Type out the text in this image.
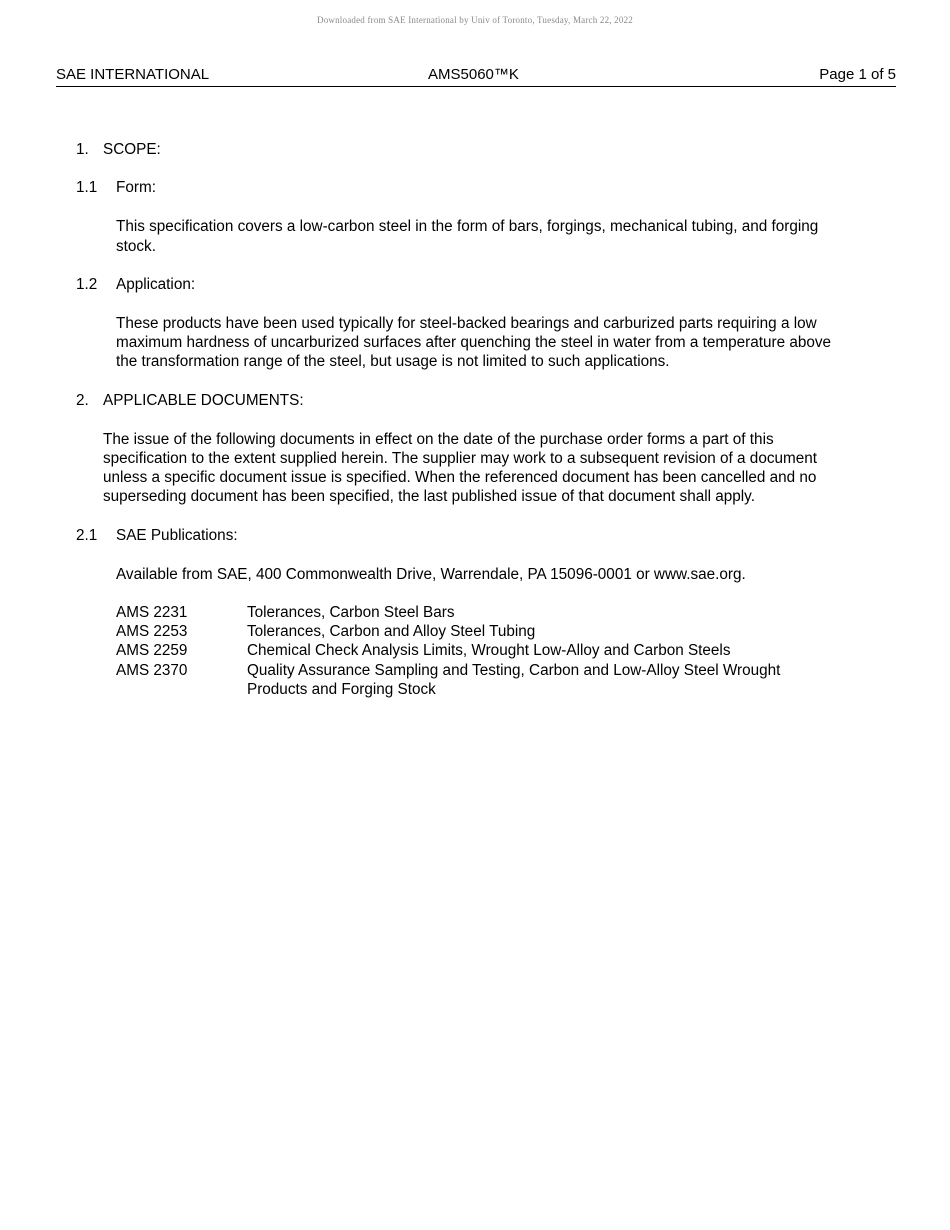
Downloaded from SAE International by Univ of Toronto, Tuesday, March 22, 2022
SAE INTERNATIONAL	AMS5060™K	Page 1 of 5
1. SCOPE:
1.1 Form:
This specification covers a low-carbon steel in the form of bars, forgings, mechanical tubing, and forging stock.
1.2 Application:
These products have been used typically for steel-backed bearings and carburized parts requiring a low maximum hardness of uncarburized surfaces after quenching the steel in water from a temperature above the transformation range of the steel, but usage is not limited to such applications.
2. APPLICABLE DOCUMENTS:
The issue of the following documents in effect on the date of the purchase order forms a part of this specification to the extent supplied herein. The supplier may work to a subsequent revision of a document unless a specific document issue is specified. When the referenced document has been cancelled and no superseding document has been specified, the last published issue of that document shall apply.
2.1 SAE Publications:
Available from SAE, 400 Commonwealth Drive, Warrendale, PA 15096-0001 or www.sae.org.
AMS 2231	Tolerances, Carbon Steel Bars
AMS 2253	Tolerances, Carbon and Alloy Steel Tubing
AMS 2259	Chemical Check Analysis Limits, Wrought Low-Alloy and Carbon Steels
AMS 2370	Quality Assurance Sampling and Testing, Carbon and Low-Alloy Steel Wrought Products and Forging Stock
